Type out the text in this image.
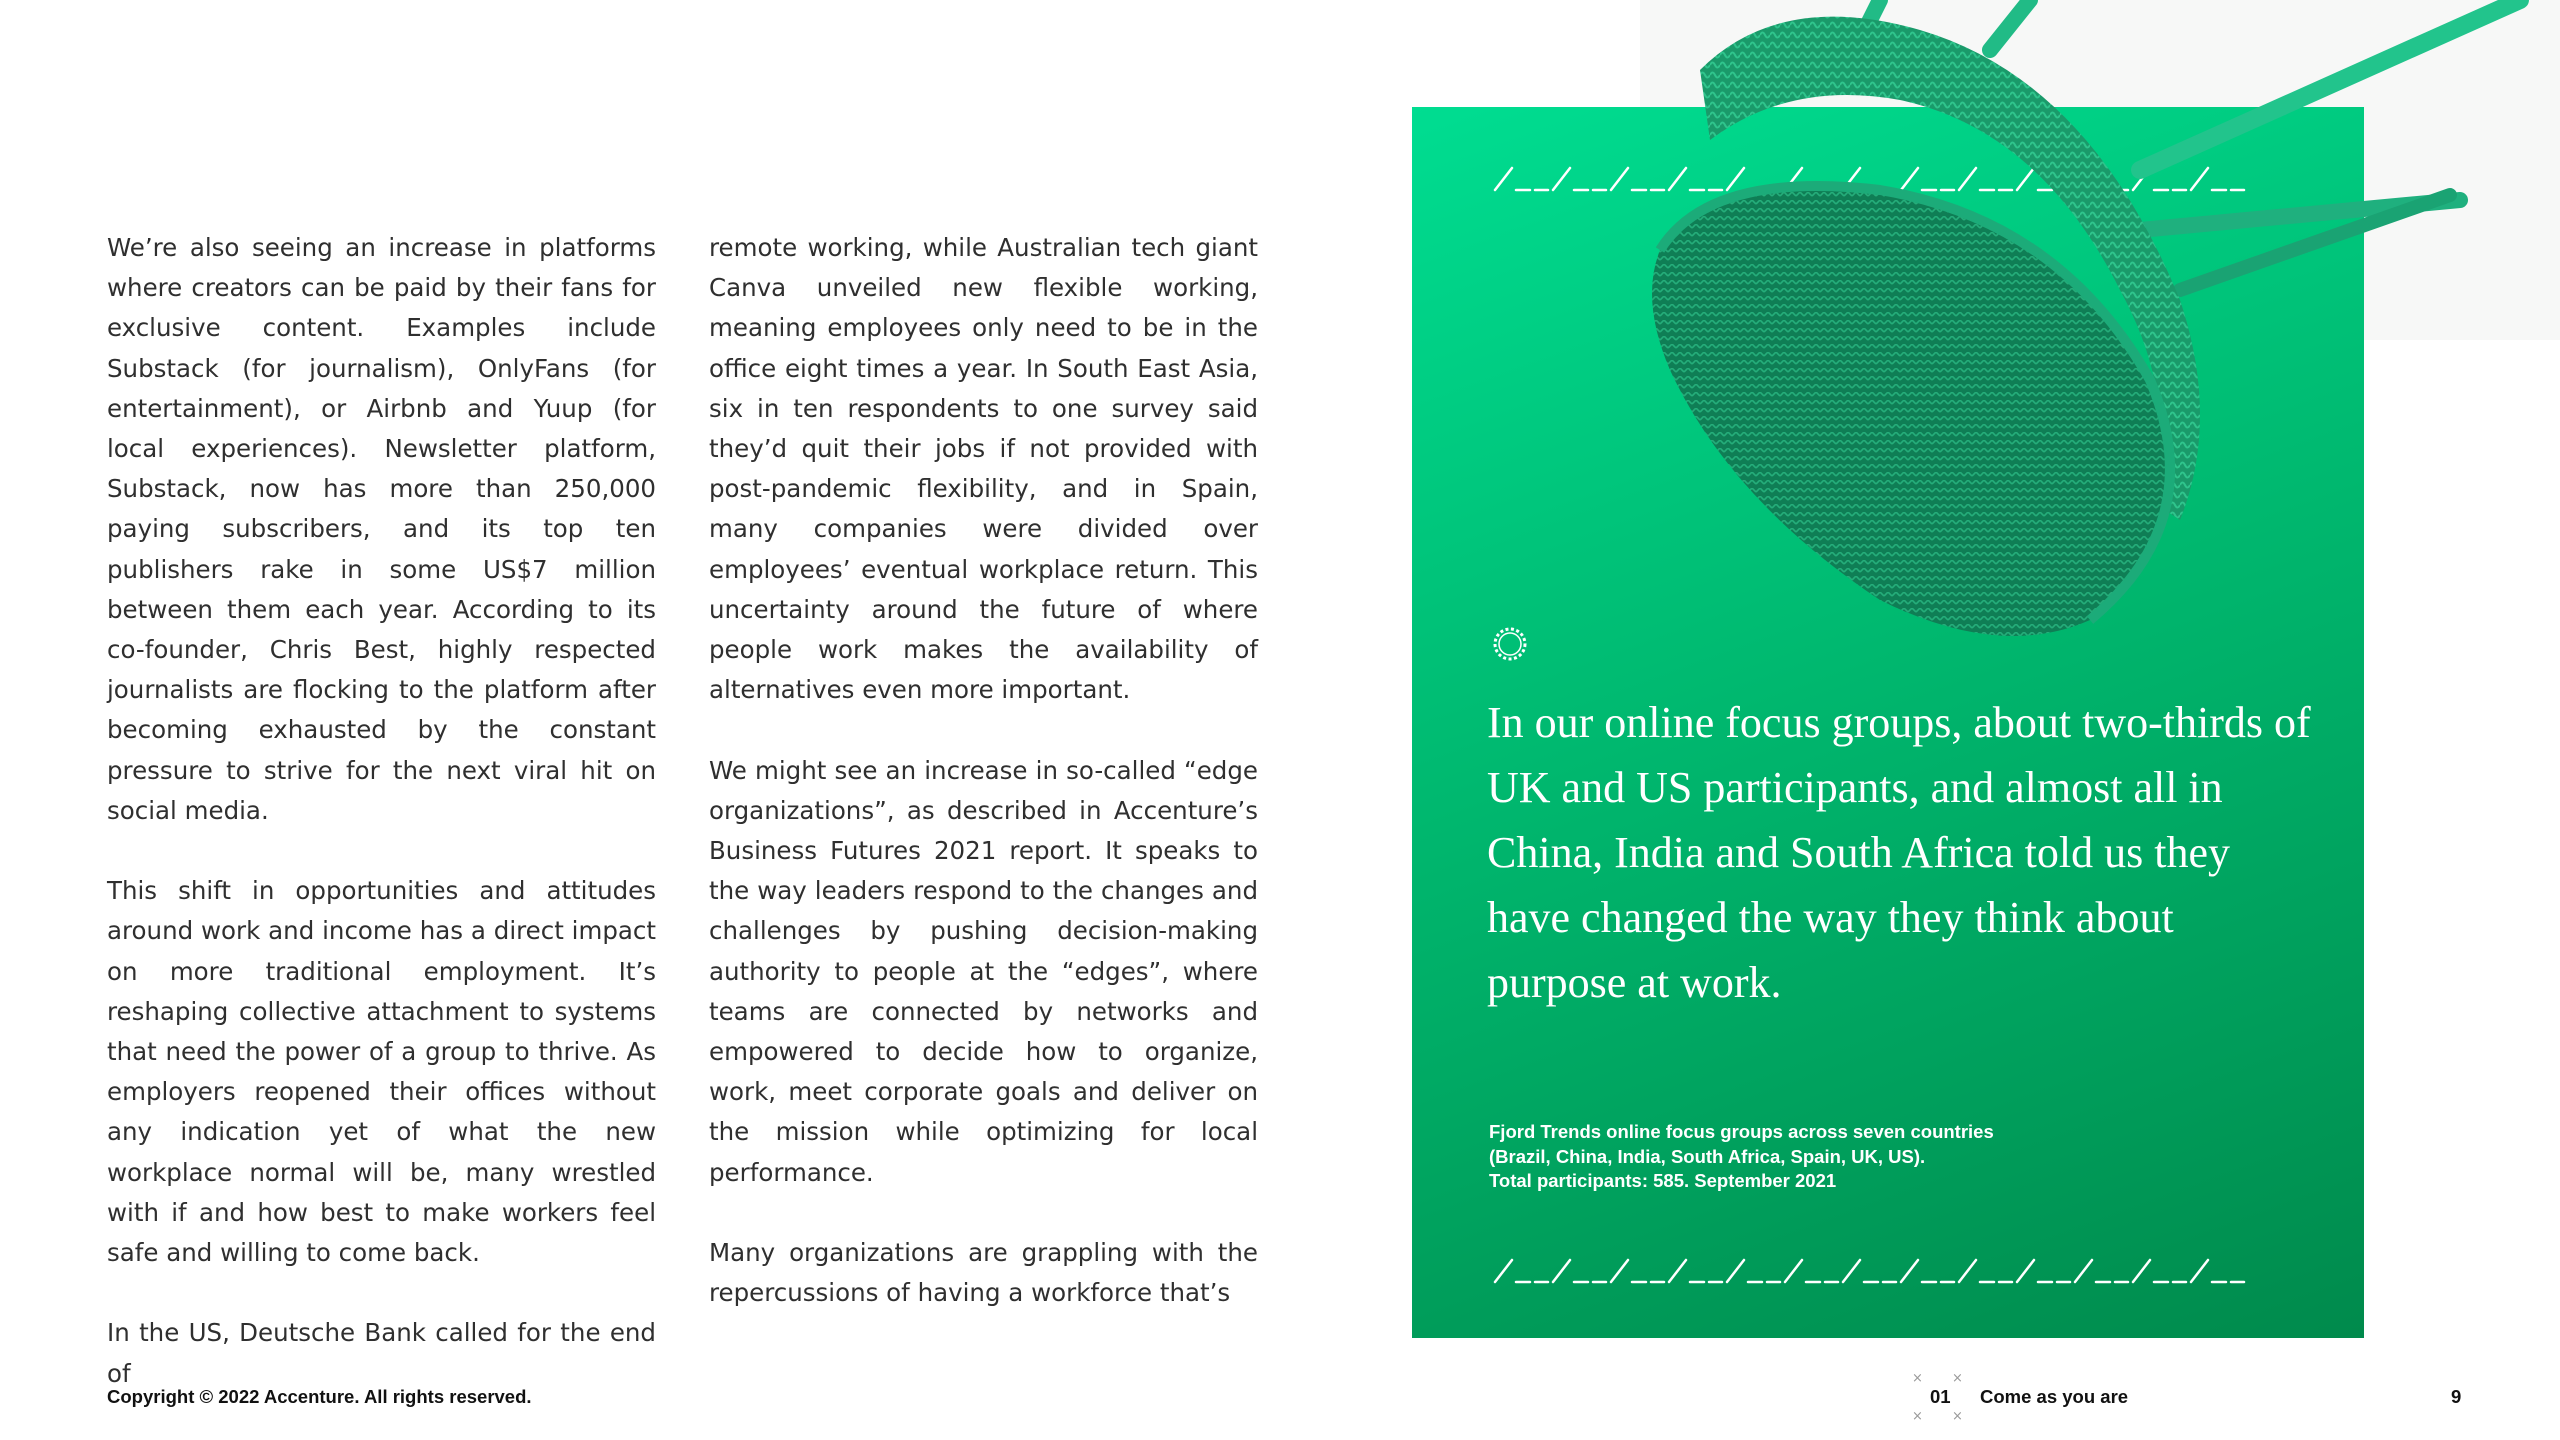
We’re also seeing an increase in platforms where creators can be paid by their fans for exclusive content. Examples include Substack (for journalism), OnlyFans (for entertainment), or Airbnb and Yuup (for local experiences). Newsletter platform, Substack, now has more than 250,000 paying subscribers, and its top ten publishers rake in some US$7 million between them each year. According to its co-founder, Chris Best, highly respected journalists are flocking to the platform after becoming exhausted by the constant pressure to strive for the next viral hit on social media.

This shift in opportunities and attitudes around work and income has a direct impact on more traditional employment. It’s reshaping collective attachment to systems that need the power of a group to thrive. As employers reopened their offices without any indication yet of what the new workplace normal will be, many wrestled with if and how best to make workers feel safe and willing to come back.

In the US, Deutsche Bank called for the end of

remote working, while Australian tech giant Canva unveiled new flexible working, meaning employees only need to be in the office eight times a year. In South East Asia, six in ten respondents to one survey said they’d quit their jobs if not provided with post-pandemic flexibility, and in Spain, many companies were divided over employees’ eventual workplace return. This uncertainty around the future of where people work makes the availability of alternatives even more important.

We might see an increase in so-called “edge organizations”, as described in Accenture’s Business Futures 2021 report. It speaks to the way leaders respond to the changes and challenges by pushing decision-making authority to people at the “edges”, where teams are connected by networks and empowered to decide how to organize, work, meet corporate goals and deliver on the mission while optimizing for local performance.

Many organizations are grappling with the repercussions of having a workforce that’s

In our online focus groups, about two-thirds of UK and US participants, and almost all in China, India and South Africa told us they have changed the way they think about purpose at work.

Fjord Trends online focus groups across seven countries
(Brazil, China, India, South Africa, Spain, UK, US).
Total participants: 585. September 2021
Copyright © 2022 Accenture. All rights reserved.
× ×
× ×
01 Come as you are	9
